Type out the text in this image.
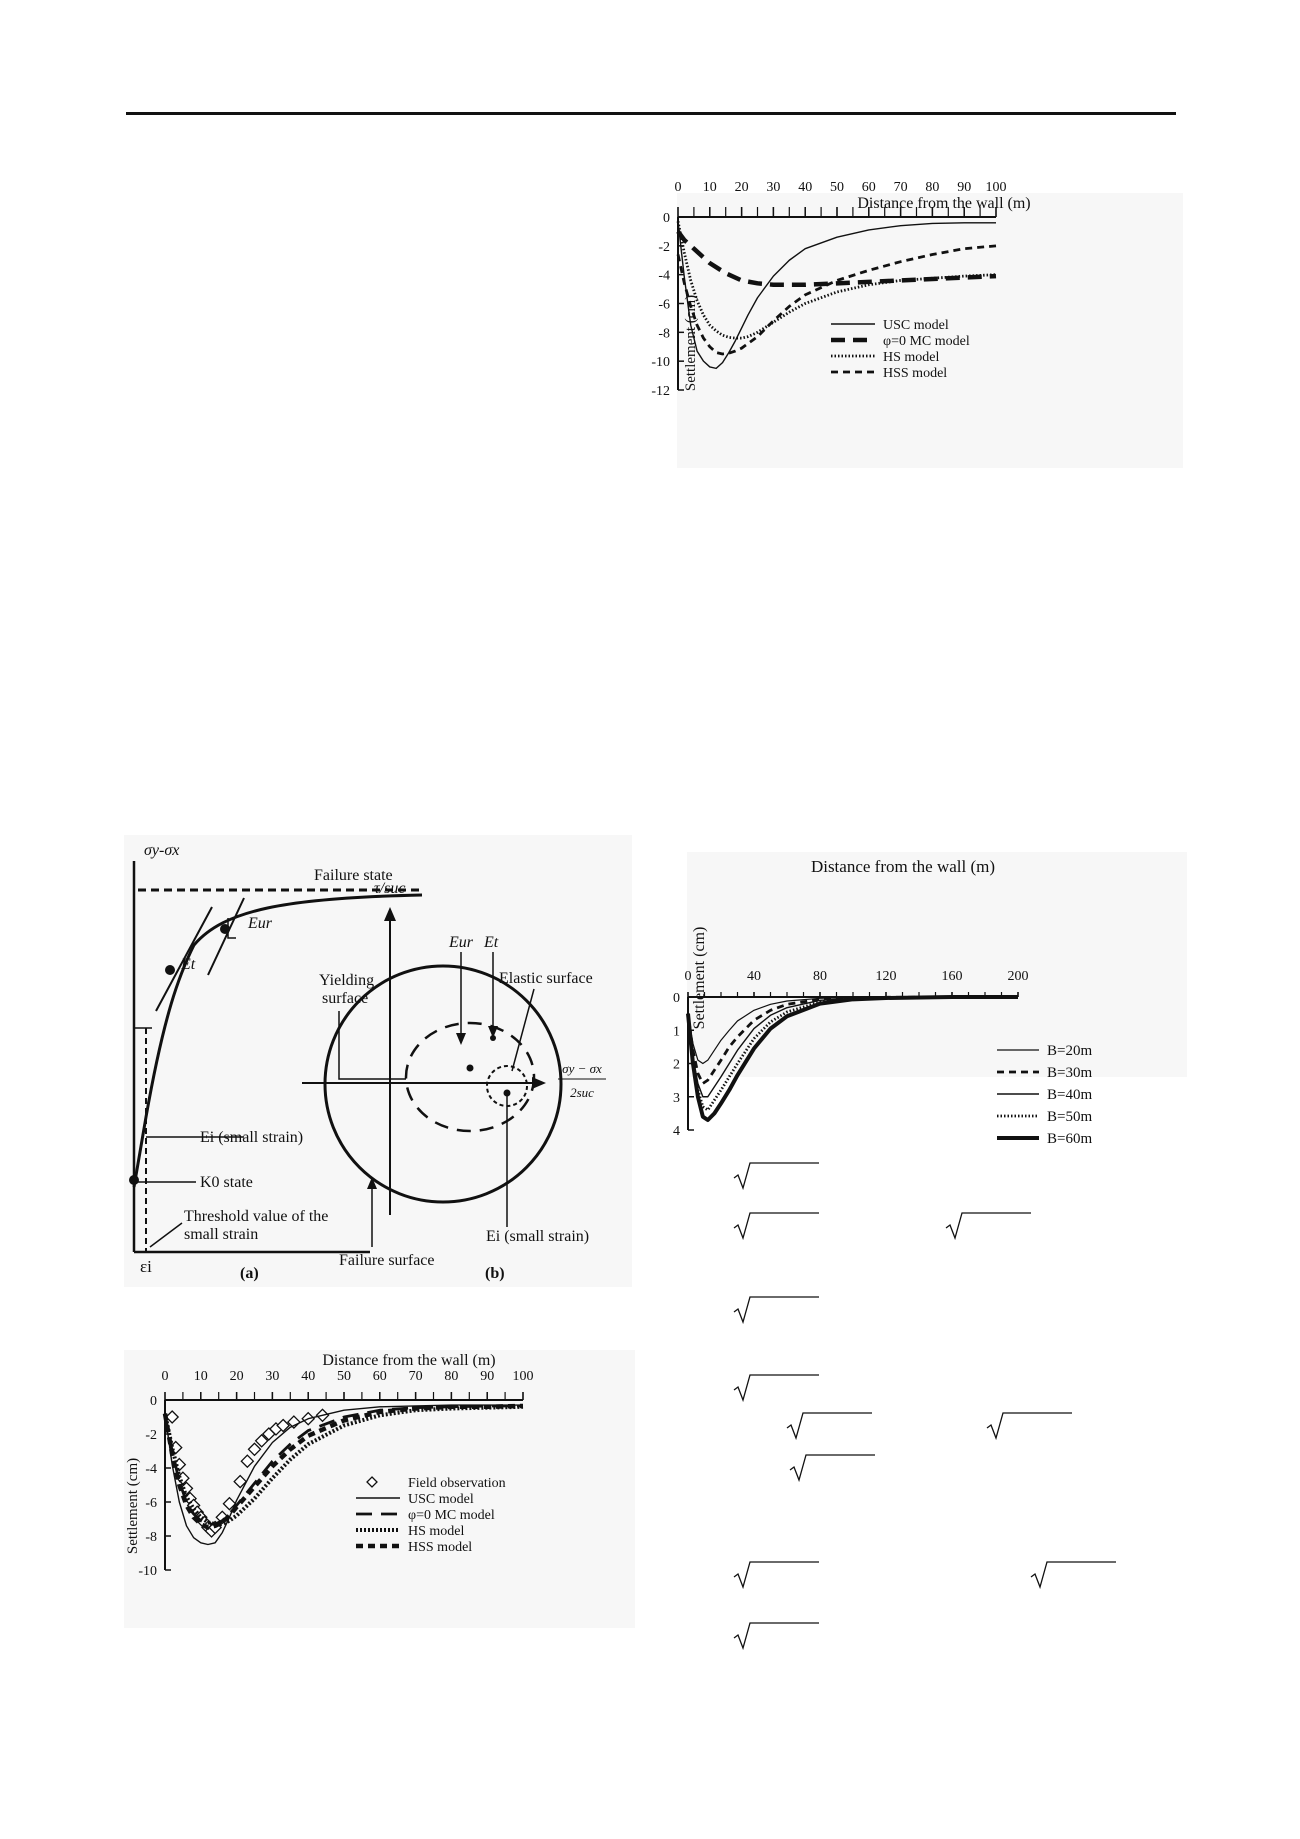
Distance from the wall (m)
Settlement (cm)
0 10 20 30 40 50 60 70 80 90 100
0
-2
-4
-6
-8
-10
-12
USC model
φ=0 MC model
HS model
HSS model
σy-σx
Failure state
Et
Eur
Ei (small strain)
K0 state
Threshold value of the
small strain
εi	(a)
τ/suc
σy − σx
2suc
Eur Et
Yielding
surface
Elastic surface
Ei (small strain)
Failure surface
(b)
Distance from the wall (m)
Settlement (cm)
0 10 20 30 40 50 60 70 80 90 100
0
-2
-4
-6
-8
-10
Field observation
USC model
φ=0 MC model
HS model
HSS model
Distance from the wall (m)
Settlement (cm)
0	40	80	120	160	200
0
1
2
3
4
B=20m
B=30m
B=40m
B=50m
B=60m
